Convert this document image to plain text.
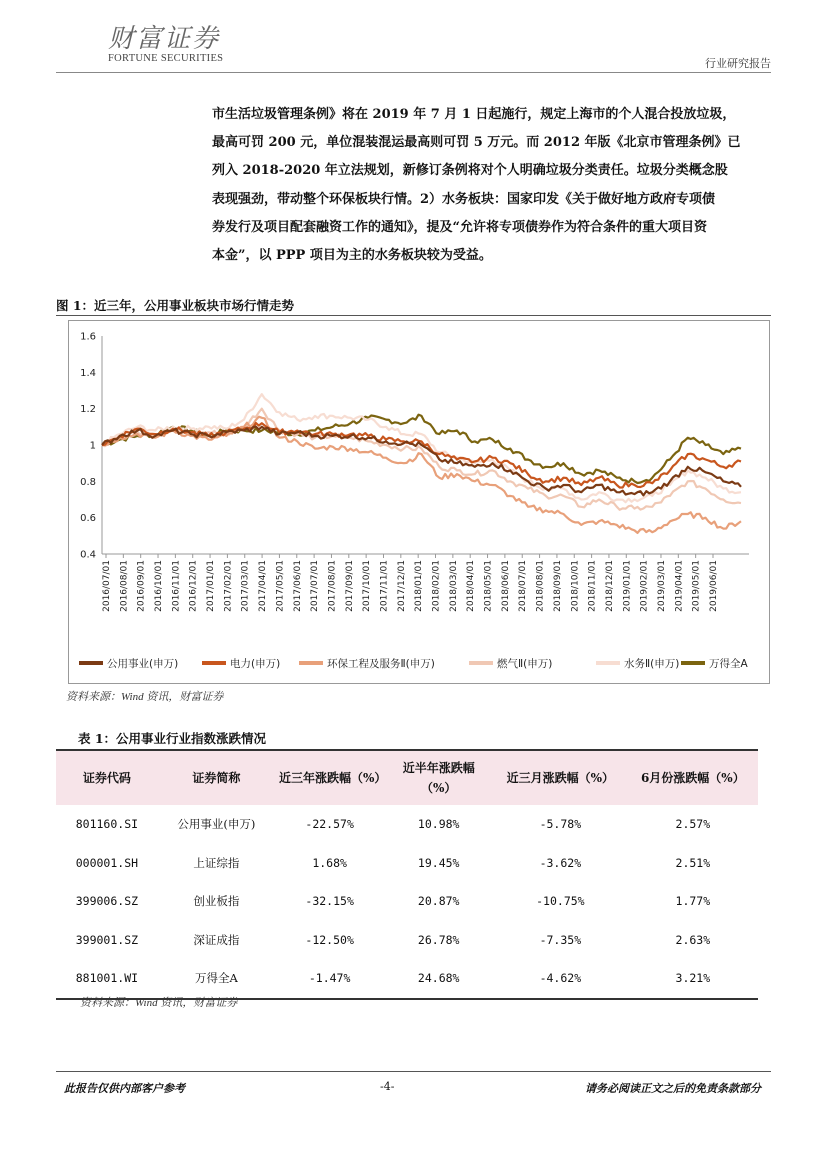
财富证券
FORTUNE SECURITIES	行业研究报告

市生活垃圾管理条例》将在 2019 年 7 月 1 日起施行，规定上海市的个人混合投放垃圾，

最高可罚 200 元，单位混装混运最高则可罚 5 万元。而 2012 年版《北京市管理条例》已

列入 2018-2020 年立法规划，新修订条例将对个人明确垃圾分类责任。垃圾分类概念股

表现强劲，带动整个环保板块行情。2）水务板块：国家印发《关于做好地方政府专项债

券发行及项目配套融资工作的通知》，提及“允许将专项债券作为符合条件的重大项目资

本金”，以 PPP 项目为主的水务板块较为受益。

图 1：近三年，公用事业板块市场行情走势
0.4
0.6
0.8
1
1.2
1.4
1.6
2016/07/01 2016/08/01 2016/09/01 2016/10/01 2016/11/01 2016/12/01 2017/01/01 2017/02/01 2017/03/01 2017/04/01 2017/05/01 2017/06/01 2017/07/01 2017/08/01 2017/09/01 2017/10/01 2017/11/01 2017/12/01 2018/01/01 2018/02/01 2018/03/01 2018/04/01 2018/05/01 2018/06/01 2018/07/01 2018/08/01 2018/09/01 2018/10/01 2018/11/01 2018/12/01 2019/01/01 2019/02/01 2019/03/01 2019/04/01 2019/05/01 2019/06/01
公用事业(申万)	电力(申万)	环保工程及服务Ⅱ(申万)	燃气Ⅱ(申万)	水务Ⅱ(申万)	万得全A
资料来源：Wind 资讯，财富证券
表 1：公用事业行业指数涨跌情况
证券代码	证券简称	近三年涨跌幅（%）	近半年涨跌幅（%）	近三月涨跌幅（%）	6月份涨跌幅（%）
801160.SI	公用事业(申万)	-22.57%	10.98%	-5.78%	2.57%
000001.SH	上证综指	1.68%	19.45%	-3.62%	2.51%
399006.SZ	创业板指	-32.15%	20.87%	-10.75%	1.77%
399001.SZ	深证成指	-12.50%	26.78%	-7.35%	2.63%
881001.WI	万得全A	-1.47%	24.68%	-4.62%	3.21%
资料来源：Wind 资讯，财富证券
此报告仅供内部客户参考	-4-	请务必阅读正文之后的免责条款部分
